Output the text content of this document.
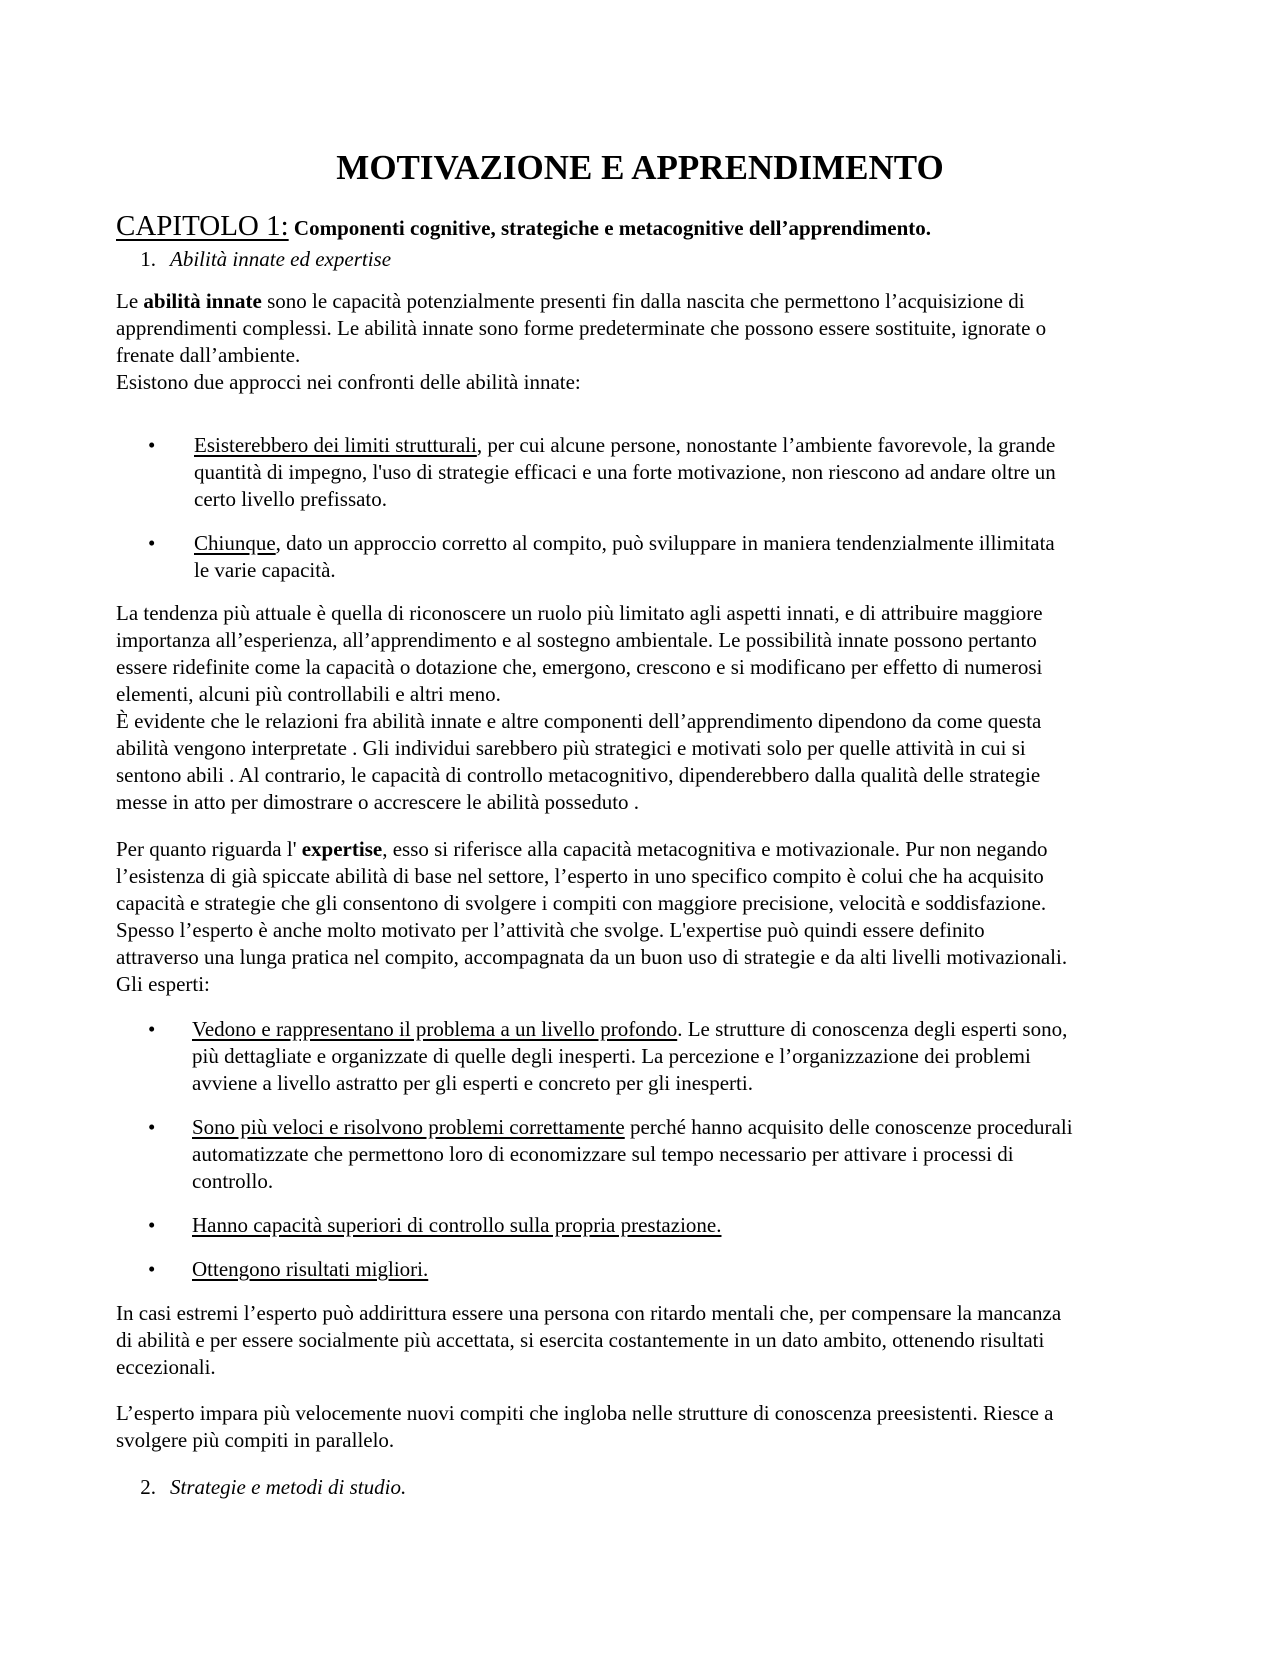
MOTIVAZIONE E APPRENDIMENTO
CAPITOLO 1: Componenti cognitive, strategiche e metacognitive dell’apprendimento.
1. Abilità innate ed expertise
Le abilità innate sono le capacità potenzialmente presenti fin dalla nascita che permettono l’acquisizione di
apprendimenti complessi. Le abilità innate sono forme predeterminate che possono essere sostituite, ignorate o
frenate dall’ambiente.
Esistono due approcci nei confronti delle abilità innate:
• Esisterebbero dei limiti strutturali, per cui alcune persone, nonostante l’ambiente favorevole, la grande
quantità di impegno, l'uso di strategie efficaci e una forte motivazione, non riescono ad andare oltre un
certo livello prefissato.
• Chiunque, dato un approccio corretto al compito, può sviluppare in maniera tendenzialmente illimitata
le varie capacità.
La tendenza più attuale è quella di riconoscere un ruolo più limitato agli aspetti innati, e di attribuire maggiore
importanza all’esperienza, all’apprendimento e al sostegno ambientale. Le possibilità innate possono pertanto
essere ridefinite come la capacità o dotazione che, emergono, crescono e si modificano per effetto di numerosi
elementi, alcuni più controllabili e altri meno.
È evidente che le relazioni fra abilità innate e altre componenti dell’apprendimento dipendono da come questa
abilità vengono interpretate . Gli individui sarebbero più strategici e motivati solo per quelle attività in cui si
sentono abili . Al contrario, le capacità di controllo metacognitivo, dipenderebbero dalla qualità delle strategie
messe in atto per dimostrare o accrescere le abilità posseduto .
Per quanto riguarda l' expertise, esso si riferisce alla capacità metacognitiva e motivazionale. Pur non negando
l’esistenza di già spiccate abilità di base nel settore, l’esperto in uno specifico compito è colui che ha acquisito
capacità e strategie che gli consentono di svolgere i compiti con maggiore precisione, velocità e soddisfazione.
Spesso l’esperto è anche molto motivato per l’attività che svolge. L'expertise può quindi essere definito
attraverso una lunga pratica nel compito, accompagnata da un buon uso di strategie e da alti livelli motivazionali.
Gli esperti:
• Vedono e rappresentano il problema a un livello profondo. Le strutture di conoscenza degli esperti sono,
più dettagliate e organizzate di quelle degli inesperti. La percezione e l’organizzazione dei problemi
avviene a livello astratto per gli esperti e concreto per gli inesperti.
• Sono più veloci e risolvono problemi correttamente perché hanno acquisito delle conoscenze procedurali
automatizzate che permettono loro di economizzare sul tempo necessario per attivare i processi di
controllo.
• Hanno capacità superiori di controllo sulla propria prestazione.
• Ottengono risultati migliori.
In casi estremi l’esperto può addirittura essere una persona con ritardo mentali che, per compensare la mancanza
di abilità e per essere socialmente più accettata, si esercita costantemente in un dato ambito, ottenendo risultati
eccezionali.
L’esperto impara più velocemente nuovi compiti che ingloba nelle strutture di conoscenza preesistenti. Riesce a
svolgere più compiti in parallelo.
2. Strategie e metodi di studio.
